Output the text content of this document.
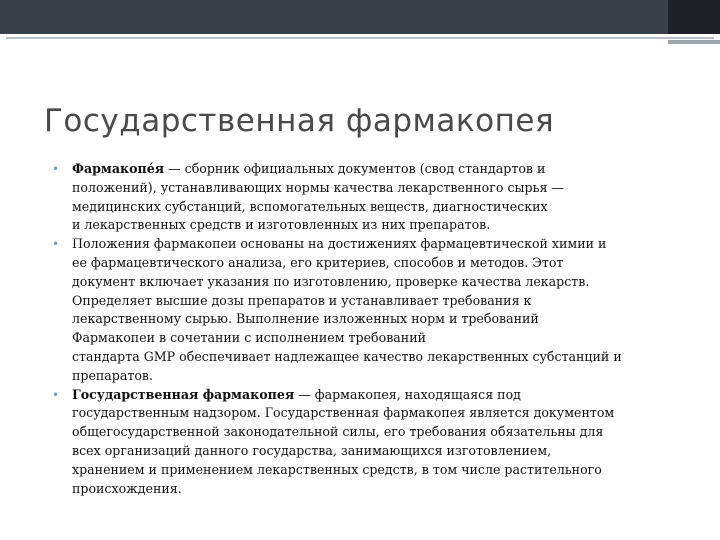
Государственная фармакопея

• Фармакопе́я — сборник официальных документов (свод стандартов и
положений), устанавливающих нормы качества лекарственного сырья —
медицинских субстанций, вспомогательных веществ, диагностических
и лекарственных средств и изготовленных из них препаратов.

• Положения фармакопеи основаны на достижениях фармацевтической химии и
ее фармацевтического анализа, его критериев, способов и методов. Этот
документ включает указания по изготовлению, проверке качества лекарств.
Определяет высшие дозы препаратов и устанавливает требования к
лекарственному сырью. Выполнение изложенных норм и требований
Фармакопеи в сочетании с исполнением требований
стандарта GMP обеспечивает надлежащее качество лекарственных субстанций и
препаратов.

• Государственная фармакопея — фармакопея, находящаяся под
государственным надзором. Государственная фармакопея является документом
общегосударственной законодательной силы, его требования обязательны для
всех организаций данного государства, занимающихся изготовлением,
хранением и применением лекарственных средств, в том числе растительного
происхождения.
